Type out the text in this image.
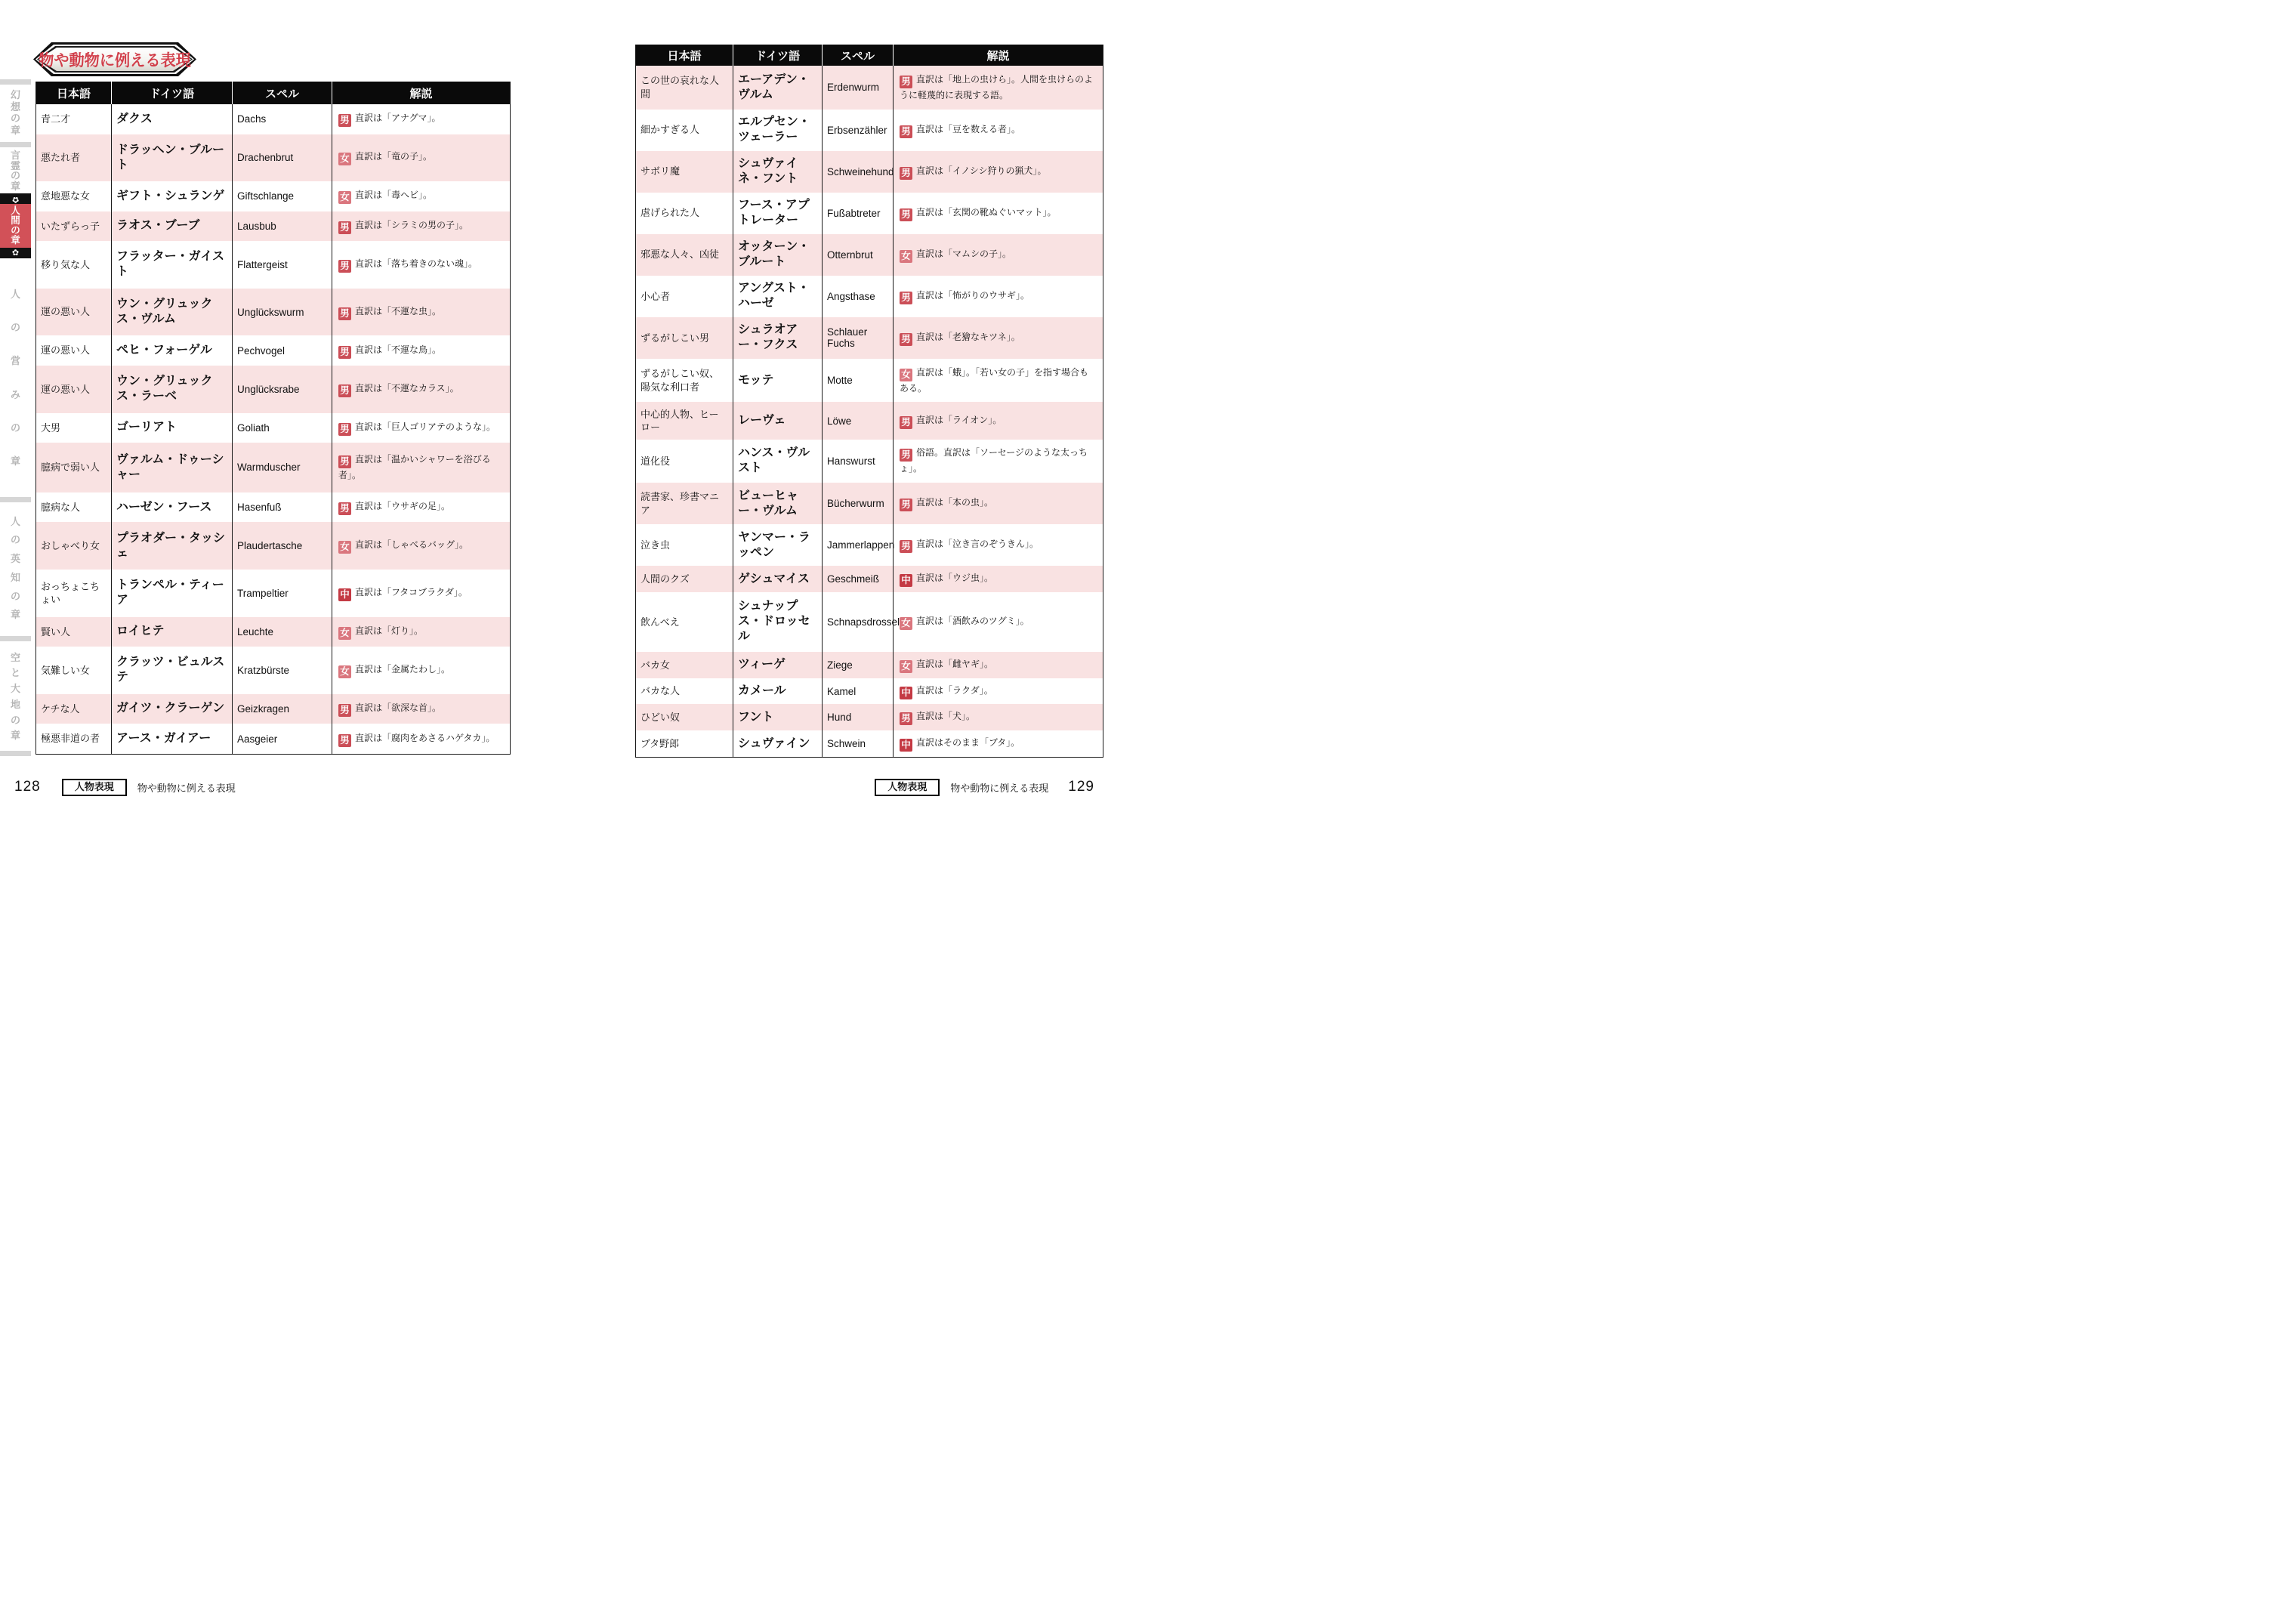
幻
想
の
章
言
霊
の
章
✿
人
間
の
章
✿
人
の
営
み
の
章
人
の
英
知
の
章
空
と
大
地
の
章
物や動物に例える表現
日本語	ドイツ語	スペル	解説
青二才	ダクス	Dachs	男 直訳は「アナグマ」。
悪たれ者	ドラッヘン・ブルート	Drachenbrut	女 直訳は「竜の子」。
意地悪な女	ギフト・シュランゲ	Giftschlange	女 直訳は「毒ヘビ」。
いたずらっ子	ラオス・ブーブ	Lausbub	男 直訳は「シラミの男の子」。
移り気な人	フラッター・ガイスト	Flattergeist	男 直訳は「落ち着きのない魂」。
運の悪い人	ウン・グリュックス・ヴルム	Unglückswurm	男 直訳は「不運な虫」。
運の悪い人	ペヒ・フォーゲル	Pechvogel	男 直訳は「不運な鳥」。
運の悪い人	ウン・グリュックス・ラーベ	Unglücksrabe	男 直訳は「不運なカラス」。
大男	ゴーリアト	Goliath	男 直訳は「巨人ゴリアテのような」。
臆病で弱い人	ヴァルム・ドゥーシャー	Warmduscher	男 直訳は「温かいシャワーを浴びる者」。
臆病な人	ハーゼン・フース	Hasenfuß	男 直訳は「ウサギの足」。
おしゃべり女	プラオダー・タッシェ	Plaudertasche	女 直訳は「しゃべるバッグ」。
おっちょこちょい	トランペル・ティーア	Trampeltier	中 直訳は「フタコブラクダ」。
賢い人	ロイヒテ	Leuchte	女 直訳は「灯り」。
気難しい女	クラッツ・ビュルステ	Kratzbürste	女 直訳は「金属たわし」。
ケチな人	ガイツ・クラーゲン	Geizkragen	男 直訳は「欲深な首」。
極悪非道の者	アース・ガイアー	Aasgeier	男 直訳は「腐肉をあさるハゲタカ」。
128	人物表現	物や動物に例える表現
日本語	ドイツ語	スペル	解説
この世の哀れな人間	エーアデン・ヴルム	Erdenwurm	男 直訳は「地上の虫けら」。人間を虫けらのように軽蔑的に表現する語。
細かすぎる人	エルプセン・ツェーラー	Erbsenzähler	男 直訳は「豆を数える者」。
サボリ魔	シュヴァイネ・フント	Schweinehund	男 直訳は「イノシシ狩りの猟犬」。
虐げられた人	フース・アプトレーター	Fußabtreter	男 直訳は「玄関の靴ぬぐいマット」。
邪悪な人々、凶徒	オッターン・ブルート	Otternbrut	女 直訳は「マムシの子」。
小心者	アングスト・ハーゼ	Angsthase	男 直訳は「怖がりのウサギ」。
ずるがしこい男	シュラオアー・フクス	Schlauer Fuchs	男 直訳は「老獪なキツネ」。
ずるがしこい奴、陽気な利口者	モッテ	Motte	女 直訳は「蛾」。「若い女の子」を指す場合もある。
中心的人物、ヒーロー	レーヴェ	Löwe	男 直訳は「ライオン」。
道化役	ハンス・ヴルスト	Hanswurst	男 俗語。直訳は「ソーセージのような太っちょ」。
読書家、珍書マニア	ビューヒャー・ヴルム	Bücherwurm	男 直訳は「本の虫」。
泣き虫	ヤンマー・ラッペン	Jammerlappen	男 直訳は「泣き言のぞうきん」。
人間のクズ	ゲシュマイス	Geschmeiß	中 直訳は「ウジ虫」。
飲んべえ	シュナップス・ドロッセル	Schnapsdrossel	女 直訳は「酒飲みのツグミ」。
バカ女	ツィーゲ	Ziege	女 直訳は「雌ヤギ」。
バカな人	カメール	Kamel	中 直訳は「ラクダ」。
ひどい奴	フント	Hund	男 直訳は「犬」。
ブタ野郎	シュヴァイン	Schwein	中 直訳はそのまま「ブタ」。
人物表現	物や動物に例える表現 129
